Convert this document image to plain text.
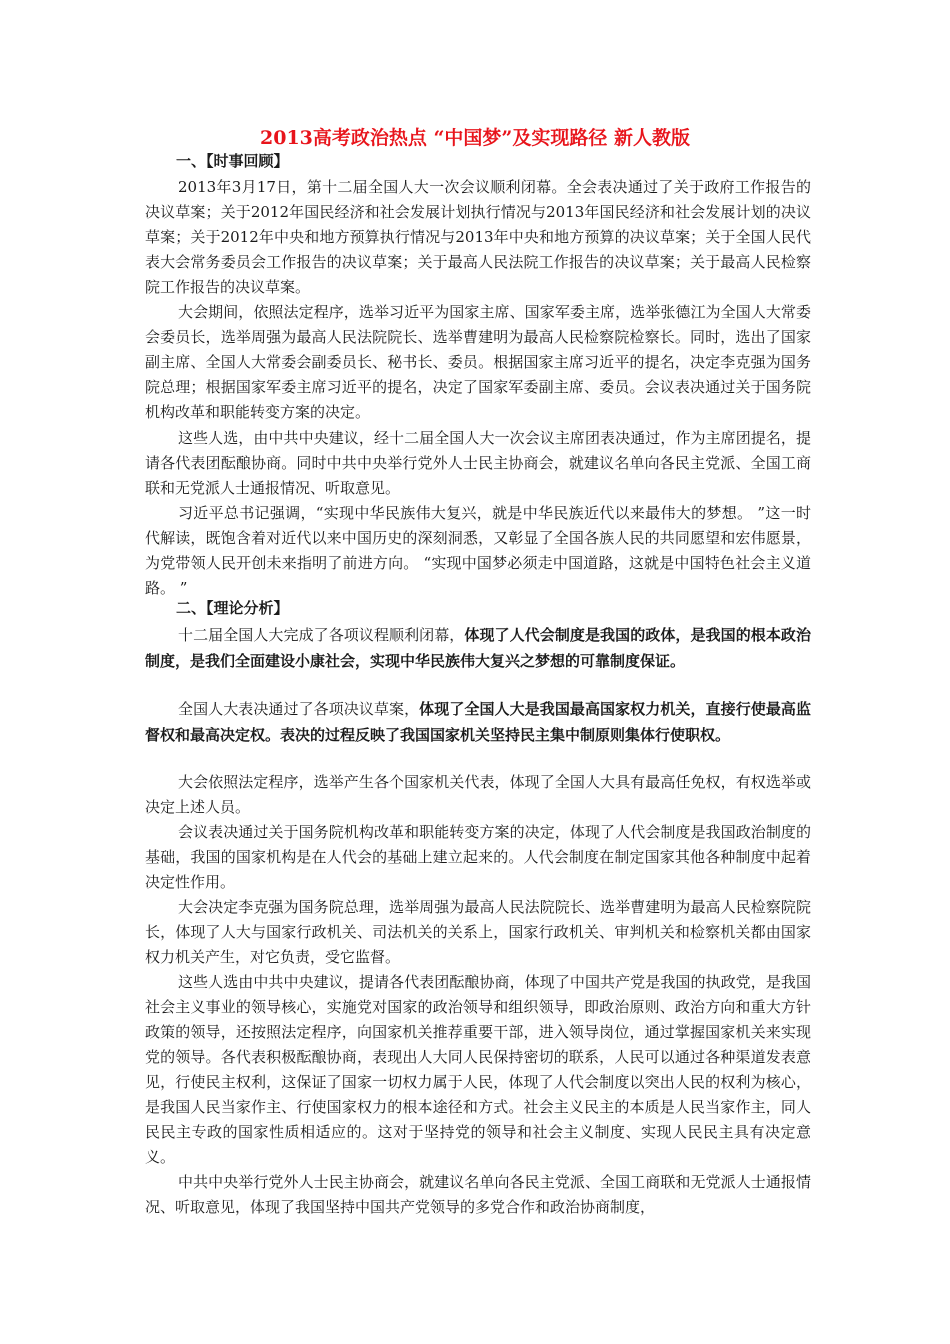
2013高考政治热点 “中国梦”及实现路径 新人教版
一、【时事回顾】

2013年3月17日，第十二届全国人大一次会议顺利闭幕。全会表决通过了关于政府工作报告的决议草案；关于2012年国民经济和社会发展计划执行情况与2013年国民经济和社会发展计划的决议草案；关于2012年中央和地方预算执行情况与2013年中央和地方预算的决议草案；关于全国人民代表大会常务委员会工作报告的决议草案；关于最高人民法院工作报告的决议草案；关于最高人民检察院工作报告的决议草案。

大会期间，依照法定程序，选举习近平为国家主席、国家军委主席，选举张德江为全国人大常委会委员长，选举周强为最高人民法院院长、选举曹建明为最高人民检察院检察长。同时，选出了国家副主席、全国人大常委会副委员长、秘书长、委员。根据国家主席习近平的提名，决定李克强为国务院总理；根据国家军委主席习近平的提名，决定了国家军委副主席、委员。会议表决通过关于国务院机构改革和职能转变方案的决定。

这些人选，由中共中央建议，经十二届全国人大一次会议主席团表决通过，作为主席团提名，提请各代表团酝酿协商。同时中共中央举行党外人士民主协商会，就建议名单向各民主党派、全国工商联和无党派人士通报情况、听取意见。

习近平总书记强调，“实现中华民族伟大复兴，就是中华民族近代以来最伟大的梦想。 ”这一时代解读，既饱含着对近代以来中国历史的深刻洞悉，又彰显了全国各族人民的共同愿望和宏伟愿景，为党带领人民开创未来指明了前进方向。 “实现中国梦必须走中国道路，这就是中国特色社会主义道路。 ”

二、【理论分析】

十二届全国人大完成了各项议程顺利闭幕，体现了人代会制度是我国的政体，是我国的根本政治制度，是我们全面建设小康社会，实现中华民族伟大复兴之梦想的可靠制度保证。

全国人大表决通过了各项决议草案，体现了全国人大是我国最高国家权力机关，直接行使最高监督权和最高决定权。表决的过程反映了我国国家机关坚持民主集中制原则集体行使职权。

大会依照法定程序，选举产生各个国家机关代表，体现了全国人大具有最高任免权，有权选举或决定上述人员。

会议表决通过关于国务院机构改革和职能转变方案的决定，体现了人代会制度是我国政治制度的基础，我国的国家机构是在人代会的基础上建立起来的。人代会制度在制定国家其他各种制度中起着决定性作用。

大会决定李克强为国务院总理，选举周强为最高人民法院院长、选举曹建明为最高人民检察院院长，体现了人大与国家行政机关、司法机关的关系上，国家行政机关、审判机关和检察机关都由国家权力机关产生，对它负责，受它监督。

这些人选由中共中央建议，提请各代表团酝酿协商，体现了中国共产党是我国的执政党，是我国社会主义事业的领导核心，实施党对国家的政治领导和组织领导，即政治原则、政治方向和重大方针政策的领导，还按照法定程序，向国家机关推荐重要干部，进入领导岗位，通过掌握国家机关来实现党的领导。各代表积极酝酿协商，表现出人大同人民保持密切的联系，人民可以通过各种渠道发表意见，行使民主权利，这保证了国家一切权力属于人民，体现了人代会制度以突出人民的权利为核心，是我国人民当家作主、行使国家权力的根本途径和方式。社会主义民主的本质是人民当家作主，同人民民主专政的国家性质相适应的。这对于坚持党的领导和社会主义制度、实现人民民主具有决定意义。

中共中央举行党外人士民主协商会，就建议名单向各民主党派、全国工商联和无党派人士通报情况、听取意见，体现了我国坚持中国共产党领导的多党合作和政治协商制度，
